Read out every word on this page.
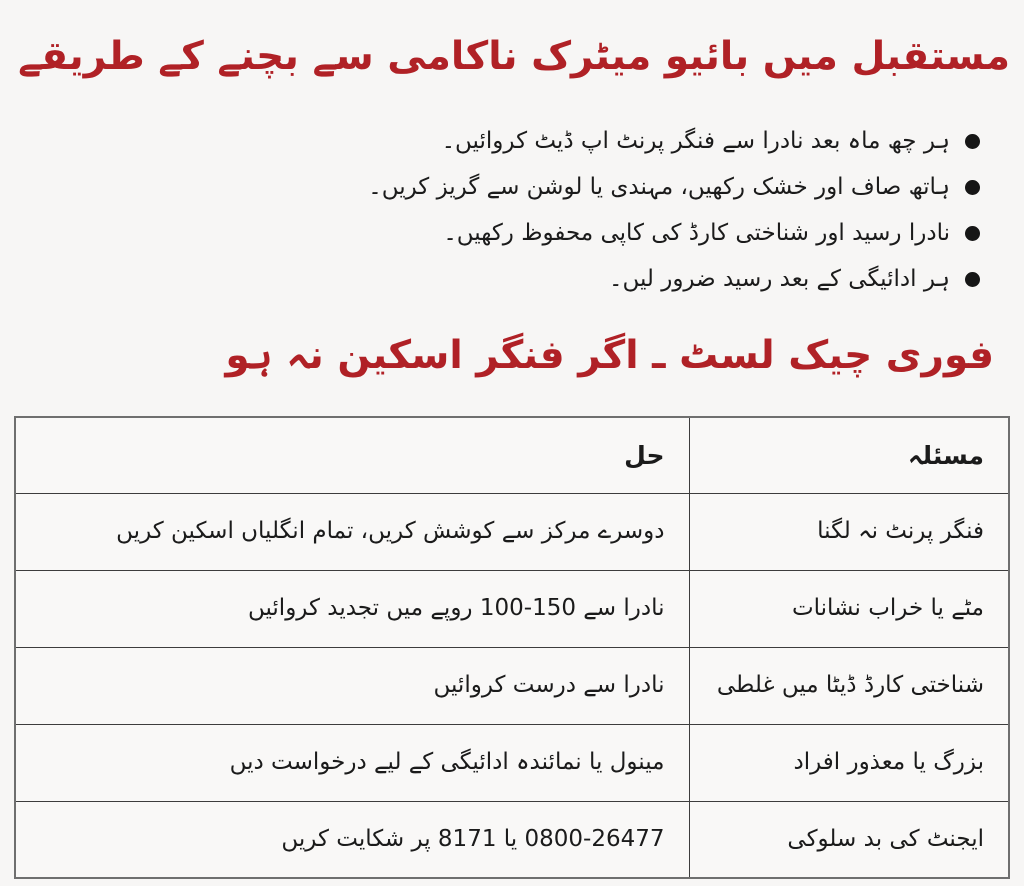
مستقبل میں بائیو میٹرک ناکامی سے بچنے کے طریقے
ہر چھ ماہ بعد نادرا سے فنگر پرنٹ اپ ڈیٹ کروائیں۔
ہاتھ صاف اور خشک رکھیں، مہندی یا لوشن سے گریز کریں۔
نادرا رسید اور شناختی کارڈ کی کاپی محفوظ رکھیں۔
ہر ادائیگی کے بعد رسید ضرور لیں۔
فوری چیک لسٹ ـ اگر فنگر اسکین نہ ہو
مسئلہ	حل
فنگر پرنٹ نہ لگنا	دوسرے مرکز سے کوشش کریں، تمام انگلیاں اسکین کریں
مٹے یا خراب نشانات	نادرا سے 150-100 روپے میں تجدید کروائیں
شناختی کارڈ ڈیٹا میں غلطی	نادرا سے درست کروائیں
بزرگ یا معذور افراد	مینول یا نمائندہ ادائیگی کے لیے درخواست دیں
ایجنٹ کی بد سلوکی	0800-26477 یا 8171 پر شکایت کریں
